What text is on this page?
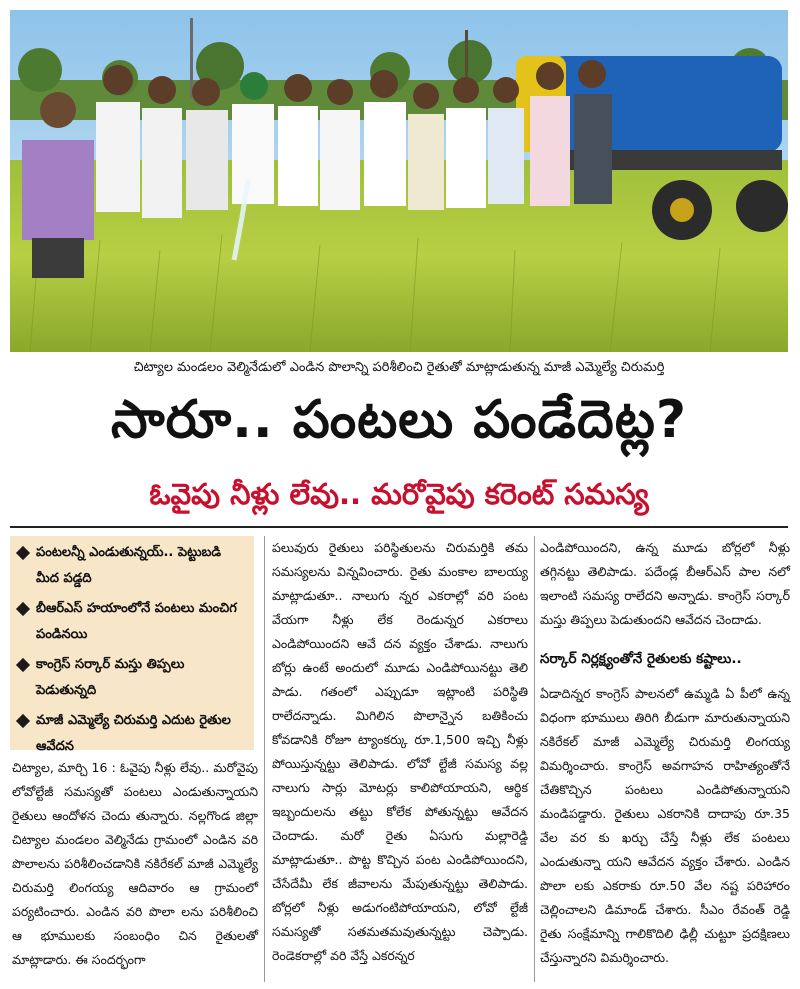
చిట్యాల మండలం వెల్మినేడులో ఎండిన పొలాన్ని పరిశీలించి రైతుతో మాట్లాడుతున్న మాజీ ఎమ్మెల్యే చిరుమర్తి
సారూ.. పంటలు పండేదెట్ల?
ఓవైపు నీళ్లు లేవు.. మరోవైపు కరెంట్ సమస్య
పంటలన్నీ ఎండుతున్నయ్.. పెట్టుబడి మీద పడ్డది
బీఆర్ఎస్ హయాంలోనే పంటలు మంచిగ పండినయి
కాంగ్రెస్ సర్కార్ మస్తు తిప్పలు పెడుతున్నది
మాజీ ఎమ్మెల్యే చిరుమర్తి ఎదుట రైతుల ఆవేదన
చిట్యాల, మార్చి 16 : ఓవైపు నీళ్లు లేవు.. మరోవైపు లోవోల్టేజీ సమస్యతో పంటలు ఎండుతున్నాయని రైతులు ఆందోళన చెందు తున్నారు. నల్లగొండ జిల్లా చిట్యాల మండలం వెల్మినేడు గ్రామంలో ఎండిన వరి పొలాలను పరిశీలించడానికి నకిరేకల్ మాజీ ఎమ్మెల్యే చిరుమర్తి లింగయ్య ఆదివారం ఆ గ్రామంలో పర్యటించారు. ఎండిన వరి పొలా లను పరిశీలించి ఆ భూములకు సంబంధిం చిన రైతులతో మాట్లాడారు. ఈ సందర్భంగా
పలువురు రైతులు పరిస్థితులను చిరుమర్తికి తమ సమస్యలను విన్నవించారు. రైతు మంకాల బాలయ్య మాట్లాడుతూ.. నాలుగు న్నర ఎకరాల్లో వరి పంట వేయగా నీళ్లు లేక రెండున్నర ఎకరాలు ఎండిపోయిందని ఆవే దన వ్యక్తం చేశాడు. నాలుగు బోర్లు ఉంటే అందులో మూడు ఎండిపోయినట్టు తెలి పాడు. గతంలో ఎప్పుడూ ఇట్లాంటి పరిస్థితి రాలేదన్నాడు. మిగిలిన పొలాన్నైన బతికించు కోవడానికి రోజూ ట్యాంకర్కు రూ.1,500 ఇచ్చి నీళ్లు పోయిస్తున్నట్టు తెలిపాడు. లోవో ల్టేజీ సమస్య వల్ల నాలుగు సార్లు మోటర్లు కాలిపోయాయని, ఆర్థిక ఇబ్బందులను తట్టు కోలేక పోతున్నట్టు ఆవేదన చెందాడు. మరో రైతు ఏసుగు మల్లారెడ్డి మాట్లాడుతూ.. పొట్ట కొచ్చిన పంట ఎండిపోయిందని, చేసేదేమీ లేక జీవాలను మేపుతున్నట్టు తెలిపాడు. బోర్లలో నీళ్లు అడుగంటిపోయాయని, లోవో ల్టేజీ సమస్యతో సతమతమవుతున్నట్టు చెప్పాడు. రెండెకరాల్లో వరి వేస్తే ఎకరన్నర
ఎండిపోయిందని, ఉన్న మూడు బోర్లలో నీళ్లు తగ్గినట్టు తెలిపాడు. పదేండ్ల బీఆర్ఎస్ పాల నలో ఇలాంటి సమస్య రాలేదని అన్నాడు. కాంగ్రెస్ సర్కార్ మస్తు తిప్పలు పెడుతుందని ఆవేదన చెందాడు.
సర్కార్ నిర్లక్ష్యంతోనే రైతులకు కష్టాలు..
ఏడాదిన్నర కాంగ్రెస్ పాలనలో ఉమ్మడి ఏ పీలో ఉన్న విధంగా భూములు తిరిగి బీడుగా మారుతున్నాయని నకిరేకల్ మాజీ ఎమ్మెల్యే చిరుమర్తి లింగయ్య విమర్శించారు. కాంగ్రెస్ అవగాహన రాహిత్యంతోనే చేతికొచ్చిన పంటలు ఎండిపోతున్నాయని మండిపడ్డారు. రైతులు ఎకరానికి దాదాపు రూ.35 వేల వర కు ఖర్చు చేస్తే నీళ్లు లేక పంటలు ఎండుతున్నా యని ఆవేదన వ్యక్తం చేశారు. ఎండిన పొలా లకు ఎకరాకు రూ.50 వేల నష్ట పరిహారం చెల్లించాలని డిమాండ్ చేశారు. సీఎం రేవంత్ రెడ్డి రైతు సంక్షేమాన్ని గాలికొదిలి ఢిల్లీ చుట్టూ ప్రదక్షిణలు చేస్తున్నారని విమర్శించారు.
